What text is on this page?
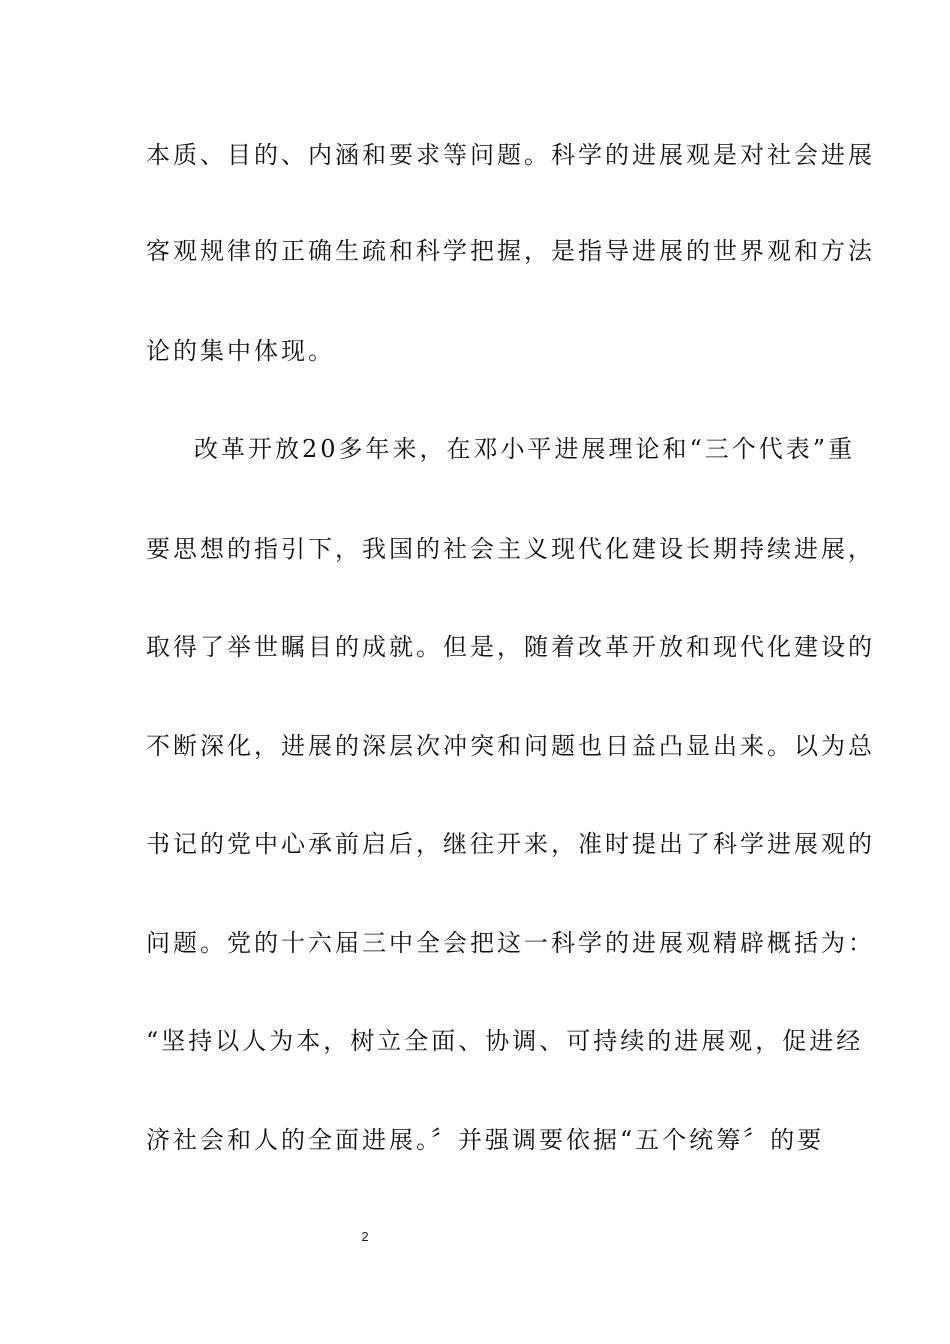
本质、目的、内涵和要求等问题。科学的进展观是对社会进展
客观规律的正确生疏和科学把握，是指导进展的世界观和方法
论的集中体现。
改革开放20多年来，在邓小平进展理论和“三个代表”重
要思想的指引下，我国的社会主义现代化建设长期持续进展，
取得了举世瞩目的成就。但是，随着改革开放和现代化建设的
不断深化，进展的深层次冲突和问题也日益凸显出来。以为总
书记的党中心承前启后，继往开来，准时提出了科学进展观的
问题。党的十六届三中全会把这一科学的进展观精辟概括为：
“坚持以人为本，树立全面、协调、可持续的进展观，促进经
济社会和人的全面进展。〞并强调要依据“五个统筹〞的要
2
